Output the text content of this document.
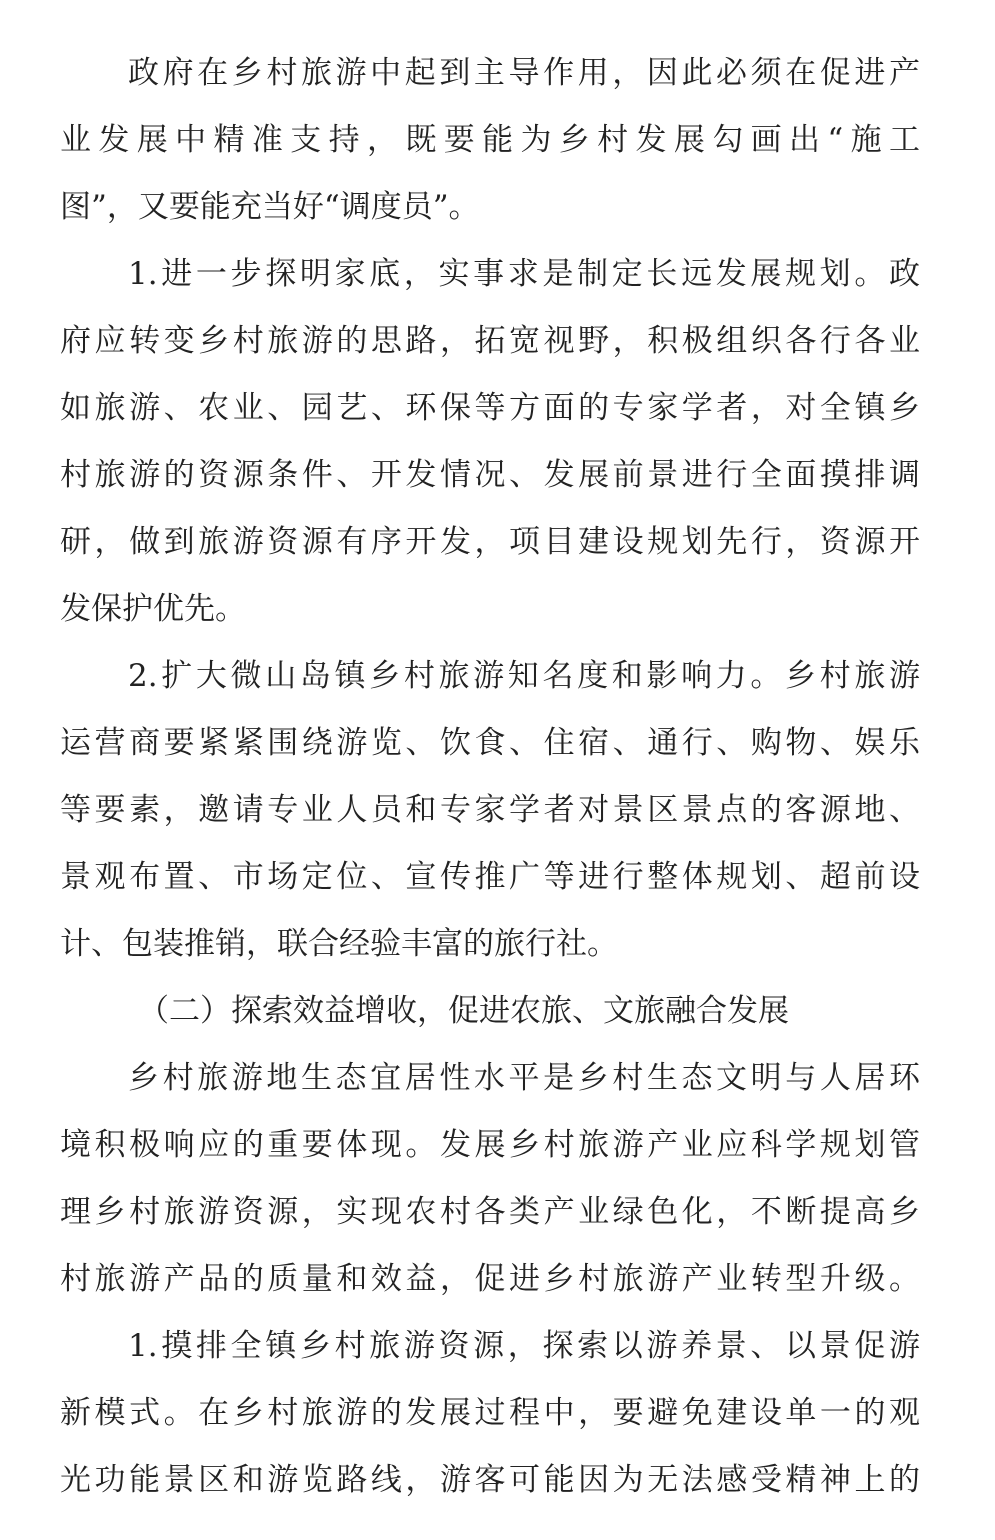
政府在乡村旅游中起到主导作用，因此必须在促进产
业发展中精准支持，既要能为乡村发展勾画出“施工
图”，又要能充当好“调度员”。
1.进一步探明家底，实事求是制定长远发展规划。政
府应转变乡村旅游的思路，拓宽视野，积极组织各行各业
如旅游、农业、园艺、环保等方面的专家学者，对全镇乡
村旅游的资源条件、开发情况、发展前景进行全面摸排调
研，做到旅游资源有序开发，项目建设规划先行，资源开
发保护优先。
2.扩大微山岛镇乡村旅游知名度和影响力。乡村旅游
运营商要紧紧围绕游览、饮食、住宿、通行、购物、娱乐
等要素，邀请专业人员和专家学者对景区景点的客源地、
景观布置、市场定位、宣传推广等进行整体规划、超前设
计、包装推销，联合经验丰富的旅行社。
（二）探索效益增收，促进农旅、文旅融合发展
乡村旅游地生态宜居性水平是乡村生态文明与人居环
境积极响应的重要体现。发展乡村旅游产业应科学规划管
理乡村旅游资源，实现农村各类产业绿色化，不断提高乡
村旅游产品的质量和效益，促进乡村旅游产业转型升级。
1.摸排全镇乡村旅游资源，探索以游养景、以景促游
新模式。在乡村旅游的发展过程中，要避免建设单一的观
光功能景区和游览路线，游客可能因为无法感受精神上的
